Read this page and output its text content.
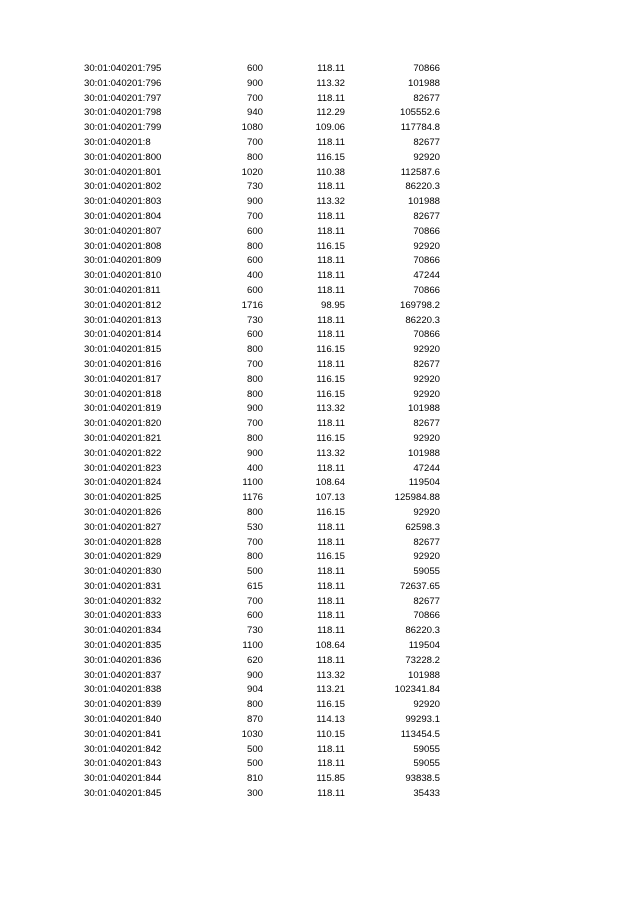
30:01:040201:795	600	118.11	70866
30:01:040201:796	900	113.32	101988
30:01:040201:797	700	118.11	82677
30:01:040201:798	940	112.29	105552.6
30:01:040201:799	1080	109.06	117784.8
30:01:040201:8	700	118.11	82677
30:01:040201:800	800	116.15	92920
30:01:040201:801	1020	110.38	112587.6
30:01:040201:802	730	118.11	86220.3
30:01:040201:803	900	113.32	101988
30:01:040201:804	700	118.11	82677
30:01:040201:807	600	118.11	70866
30:01:040201:808	800	116.15	92920
30:01:040201:809	600	118.11	70866
30:01:040201:810	400	118.11	47244
30:01:040201:811	600	118.11	70866
30:01:040201:812	1716	98.95	169798.2
30:01:040201:813	730	118.11	86220.3
30:01:040201:814	600	118.11	70866
30:01:040201:815	800	116.15	92920
30:01:040201:816	700	118.11	82677
30:01:040201:817	800	116.15	92920
30:01:040201:818	800	116.15	92920
30:01:040201:819	900	113.32	101988
30:01:040201:820	700	118.11	82677
30:01:040201:821	800	116.15	92920
30:01:040201:822	900	113.32	101988
30:01:040201:823	400	118.11	47244
30:01:040201:824	1100	108.64	119504
30:01:040201:825	1176	107.13	125984.88
30:01:040201:826	800	116.15	92920
30:01:040201:827	530	118.11	62598.3
30:01:040201:828	700	118.11	82677
30:01:040201:829	800	116.15	92920
30:01:040201:830	500	118.11	59055
30:01:040201:831	615	118.11	72637.65
30:01:040201:832	700	118.11	82677
30:01:040201:833	600	118.11	70866
30:01:040201:834	730	118.11	86220.3
30:01:040201:835	1100	108.64	119504
30:01:040201:836	620	118.11	73228.2
30:01:040201:837	900	113.32	101988
30:01:040201:838	904	113.21	102341.84
30:01:040201:839	800	116.15	92920
30:01:040201:840	870	114.13	99293.1
30:01:040201:841	1030	110.15	113454.5
30:01:040201:842	500	118.11	59055
30:01:040201:843	500	118.11	59055
30:01:040201:844	810	115.85	93838.5
30:01:040201:845	300	118.11	35433
